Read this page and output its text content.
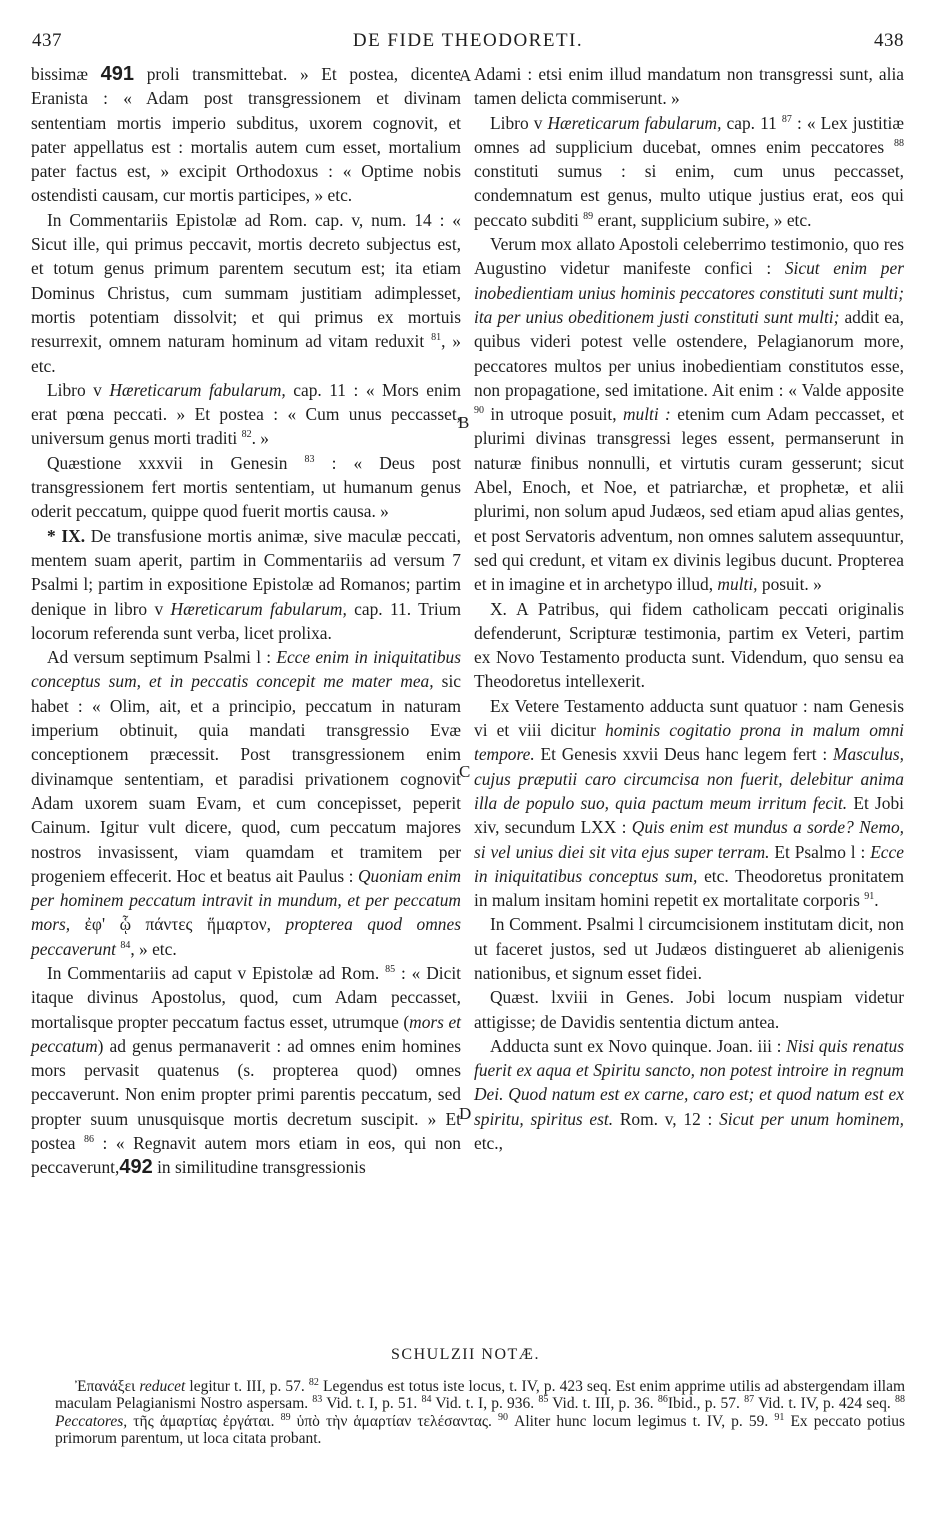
437	DE FIDE THEODORETI.	438

bissimæ 491 proli transmittebat. » Et postea, dicente Eranista : « Adam post transgressionem et divinam sententiam mortis imperio subditus, uxorem cognovit, et pater appellatus est : mortalis autem cum esset, mortalium pater factus est, » excipit Orthodoxus : « Optime nobis ostendisti causam, cur mortis participes, » etc.

In Commentariis Epistolæ ad Rom. cap. v, num. 14 : « Sicut ille, qui primus peccavit, mortis decreto subjectus est, et totum genus primum parentem secutum est; ita etiam Dominus Christus, cum summam justitiam adimplesset, mortis potentiam dissolvit; et qui primus ex mortuis resurrexit, omnem naturam hominum ad vitam reduxit $^{81}$, » etc.

Libro v Hæreticarum fabularum, cap. 11 : « Mors enim erat pœna peccati. » Et postea : « Cum unus peccasset, universum genus morti traditi $^{82}$. »

Quæstione xxxvii in Genesin $^{83}$ : « Deus post transgressionem fert mortis sententiam, ut humanum genus oderit peccatum, quippe quod fuerit mortis causa. »

* IX. De transfusione mortis animæ, sive maculæ peccati, mentem suam aperit, partim in Commentariis ad versum 7 Psalmi l; partim in expositione Epistolæ ad Romanos; partim denique in libro v Hæreticarum fabularum, cap. 11. Trium locorum referenda sunt verba, licet prolixa.

Ad versum septimum Psalmi l : Ecce enim in iniquitatibus conceptus sum, et in peccatis concepit me mater mea, sic habet : « Olim, ait, et a principio, peccatum in naturam imperium obtinuit, quia mandati transgressio Evæ conceptionem præcessit. Post transgressionem enim divinamque sententiam, et paradisi privationem cognovit Adam uxorem suam Evam, et cum concepisset, peperit Cainum. Igitur vult dicere, quod, cum peccatum majores nostros invasissent, viam quamdam et tramitem per progeniem effecerit. Hoc et beatus ait Paulus : Quoniam enim per hominem peccatum intravit in mundum, et per peccatum mors, ἐφ' ᾧ πάντες ἥμαρτον, propterea quod omnes peccaverunt $^{84}$, » etc.

In Commentariis ad caput v Epistolæ ad Rom. $^{85}$ : « Dicit itaque divinus Apostolus, quod, cum Adam peccasset, mortalisque propter peccatum factus esset, utrumque (mors et peccatum) ad genus permanaverit : ad omnes enim homines mors pervasit quatenus (s. propterea quod) omnes peccaverunt. Non enim propter primi parentis peccatum, sed propter suum unusquisque mortis decretum suscipit. » Et postea $^{86}$ : « Regnavit autem mors etiam in eos, qui non peccaverunt,492 in similitudine transgressionis

A
B
C
D

Adami : etsi enim illud mandatum non transgressi sunt, alia tamen delicta commiserunt. »

Libro v Hæreticarum fabularum, cap. 11 $^{87}$ : « Lex justitiæ omnes ad supplicium ducebat, omnes enim peccatores $^{88}$ constituti sumus : si enim, cum unus peccasset, condemnatum est genus, multo utique justius erat, eos qui peccato subditi $^{89}$ erant, supplicium subire, » etc.

Verum mox allato Apostoli celeberrimo testimonio, quo res Augustino videtur manifeste confici : Sicut enim per inobedientiam unius hominis peccatores constituti sunt multi; ita per unius obeditionem justi constituti sunt multi; addit ea, quibus videri potest velle ostendere, Pelagianorum more, peccatores multos per unius inobedientiam constitutos esse, non propagatione, sed imitatione. Ait enim : « Valde apposite $^{90}$ in utroque posuit, multi : etenim cum Adam peccasset, et plurimi divinas transgressi leges essent, permanserunt in naturæ finibus nonnulli, et virtutis curam gesserunt; sicut Abel, Enoch, et Noe, et patriarchæ, et prophetæ, et alii plurimi, non solum apud Judæos, sed etiam apud alias gentes, et post Servatoris adventum, non omnes salutem assequuntur, sed qui credunt, et vitam ex divinis legibus ducunt. Propterea et in imagine et in archetypo illud, multi, posuit. »

X. A Patribus, qui fidem catholicam peccati originalis defenderunt, Scripturæ testimonia, partim ex Veteri, partim ex Novo Testamento producta sunt. Videndum, quo sensu ea Theodoretus intellexerit.

Ex Vetere Testamento adducta sunt quatuor : nam Genesis vi et viii dicitur hominis cogitatio prona in malum omni tempore. Et Genesis xxvii Deus hanc legem fert : Masculus, cujus præputii caro circumcisa non fuerit, delebitur anima illa de populo suo, quia pactum meum irritum fecit. Et Jobi xiv, secundum LXX : Quis enim est mundus a sorde? Nemo, si vel unius diei sit vita ejus super terram. Et Psalmo l : Ecce in iniquitatibus conceptus sum, etc. Theodoretus pronitatem in malum insitam homini repetit ex mortalitate corporis $^{91}$.

In Comment. Psalmi l circumcisionem institutam dicit, non ut faceret justos, sed ut Judæos distingueret ab alienigenis nationibus, et signum esset fidei.

Quæst. lxviii in Genes. Jobi locum nuspiam videtur attigisse; de Davidis sententia dictum antea.

Adducta sunt ex Novo quinque. Joan. iii : Nisi quis renatus fuerit ex aqua et Spiritu sancto, non potest introire in regnum Dei. Quod natum est ex carne, caro est; et quod natum est ex spiritu, spiritus est. Rom. v, 12 : Sicut per unum hominem, etc.,

SCHULZII NOTÆ.

Ἐπανάξει reducet legitur t. III, p. 57. $^{82}$ Legendus est totus iste locus, t. IV, p. 423 seq. Est enim apprime utilis ad abstergendam illam maculam Pelagianismi Nostro aspersam. $^{83}$ Vid. t. I, p. 51. $^{84}$ Vid. t. I, p. 936. $^{85}$ Vid. t. III, p. 36. $^{86}$Ibid., p. 57. $^{87}$ Vid. t. IV, p. 424 seq. $^{88}$ Peccatores, τῆς ἁμαρτίας ἐργάται. $^{89}$ ὑπὸ τὴν ἁμαρτίαν τελέσαντας. $^{90}$ Aliter hunc locum legimus t. IV, p. 59. $^{91}$ Ex peccato potius primorum parentum, ut loca citata probant.
